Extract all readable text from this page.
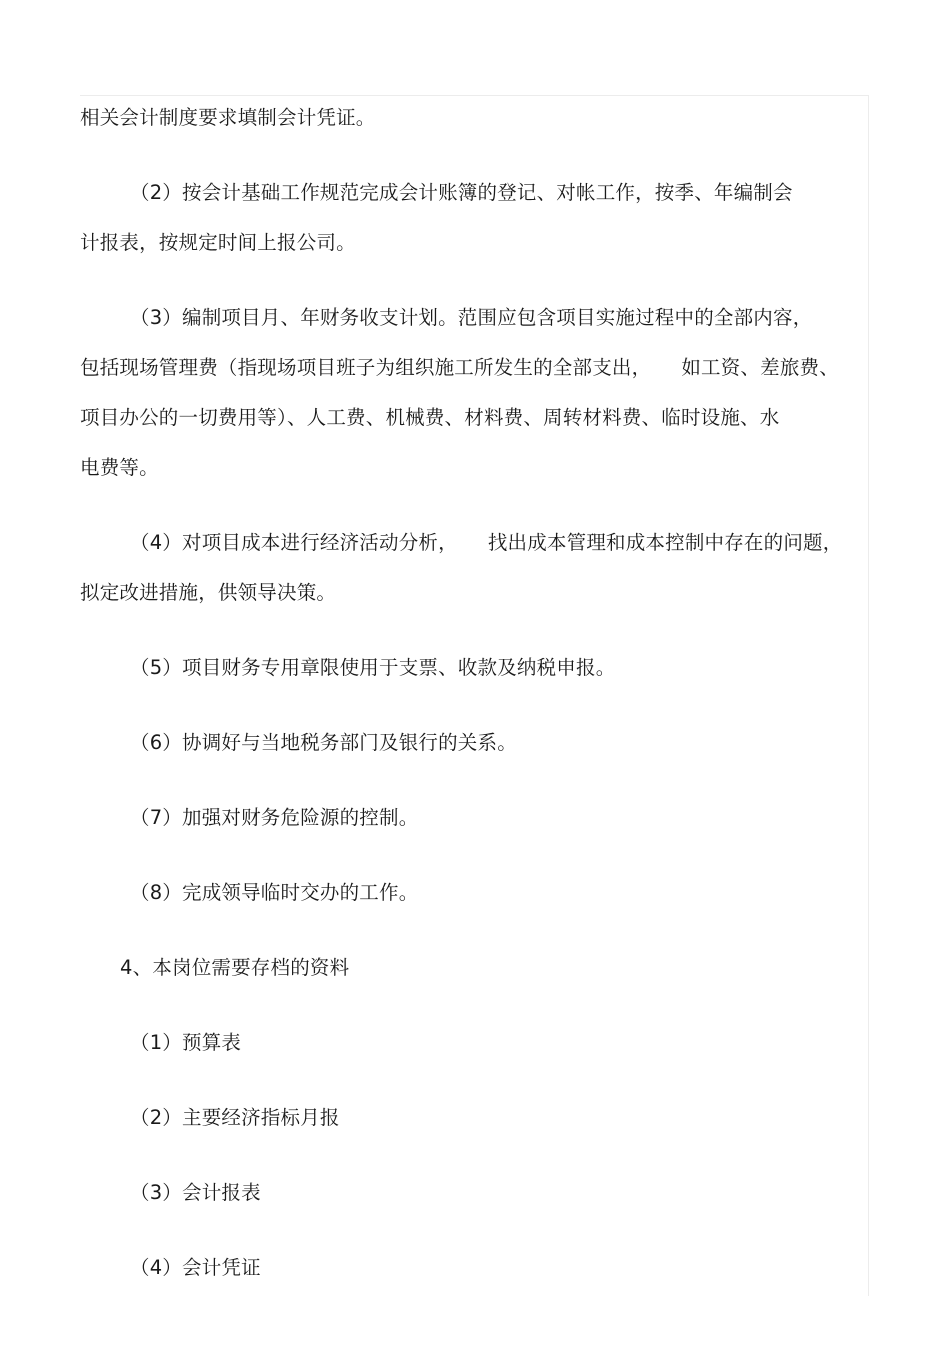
相关会计制度要求填制会计凭证。
（2）按会计基础工作规范完成会计账簿的登记、对帐工作，按季、年编制会
计报表，按规定时间上报公司。
（3）编制项目月、年财务收支计划。范围应包含项目实施过程中的全部内容，
包括现场管理费（指现场项目班子为组织施工所发生的全部支出， 如工资、差旅费、
项目办公的一切费用等）、人工费、机械费、材料费、周转材料费、临时设施、水
电费等。
（4）对项目成本进行经济活动分析， 找出成本管理和成本控制中存在的问题，
拟定改进措施，供领导决策。
（5）项目财务专用章限使用于支票、收款及纳税申报。
（6）协调好与当地税务部门及银行的关系。
（7）加强对财务危险源的控制。
（8）完成领导临时交办的工作。
4、本岗位需要存档的资料
（1）预算表
（2）主要经济指标月报
（3）会计报表
（4）会计凭证
